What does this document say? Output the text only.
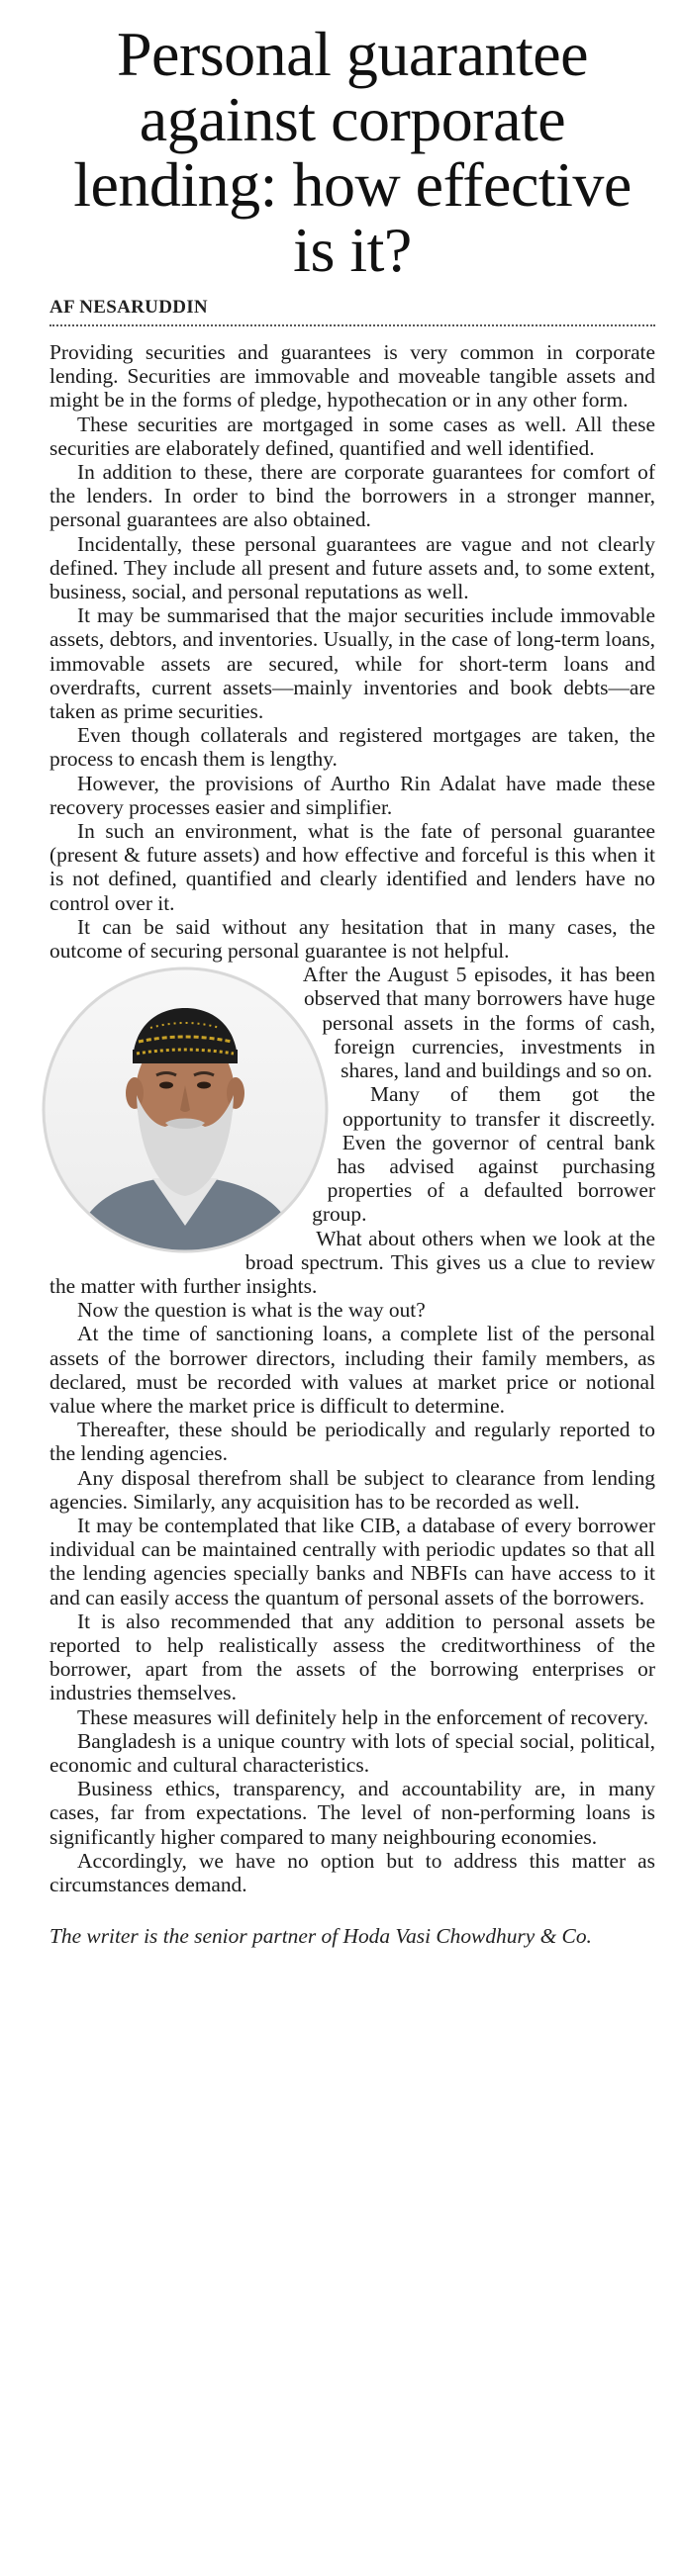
Personal guarantee against corporate lending: how effective is it?
AF NESARUDDIN

Providing securities and guarantees is very common in corporate lending. Securities are immovable and moveable tangible assets and might be in the forms of pledge, hypothecation or in any other form.

These securities are mortgaged in some cases as well. All these securities are elaborately defined, quantified and well identified.

In addition to these, there are corporate guarantees for comfort of the lenders. In order to bind the borrowers in a stronger manner, personal guarantees are also obtained.

Incidentally, these personal guarantees are vague and not clearly defined. They include all present and future assets and, to some extent, business, social, and personal reputations as well.

It may be summarised that the major securities include immovable assets, debtors, and inventories. Usually, in the case of long-term loans, immovable assets are secured, while for short-term loans and overdrafts, current assets—mainly inventories and book debts—are taken as prime securities.

Even though collaterals and registered mortgages are taken, the process to encash them is lengthy.

However, the provisions of Aurtho Rin Adalat have made these recovery processes easier and simplifier.

In such an environment, what is the fate of personal guarantee (present & future assets) and how effective and forceful is this when it is not defined, quantified and clearly identified and lenders have no control over it.

It can be said without any hesitation that in many cases, the outcome of securing personal guarantee is not helpful.

After the August 5 episodes, it has been observed that many borrowers have huge personal assets in the forms of cash, foreign currencies, investments in shares, land and buildings and so on.

Many of them got the opportunity to transfer it discreetly. Even the governor of central bank has advised against purchasing properties of a defaulted borrower group.

What about others when we look at the broad spectrum. This gives us a clue to review the matter with further insights.

Now the question is what is the way out?

At the time of sanctioning loans, a complete list of the personal assets of the borrower directors, including their family members, as declared, must be recorded with values at market price or notional value where the market price is difficult to determine.

Thereafter, these should be periodically and regularly reported to the lending agencies.

Any disposal therefrom shall be subject to clearance from lending agencies. Similarly, any acquisition has to be recorded as well.

It may be contemplated that like CIB, a database of every borrower individual can be maintained centrally with periodic updates so that all the lending agencies specially banks and NBFIs can have access to it and can easily access the quantum of personal assets of the borrowers.

It is also recommended that any addition to personal assets be reported to help realistically assess the creditworthiness of the borrower, apart from the assets of the borrowing enterprises or industries themselves.

These measures will definitely help in the enforcement of recovery.

Bangladesh is a unique country with lots of special social, political, economic and cultural characteristics.

Business ethics, transparency, and accountability are, in many cases, far from expectations. The level of non-performing loans is significantly higher compared to many neighbouring economies.

Accordingly, we have no option but to address this matter as circumstances demand.

The writer is the senior partner of Hoda Vasi Chowdhury & Co.
